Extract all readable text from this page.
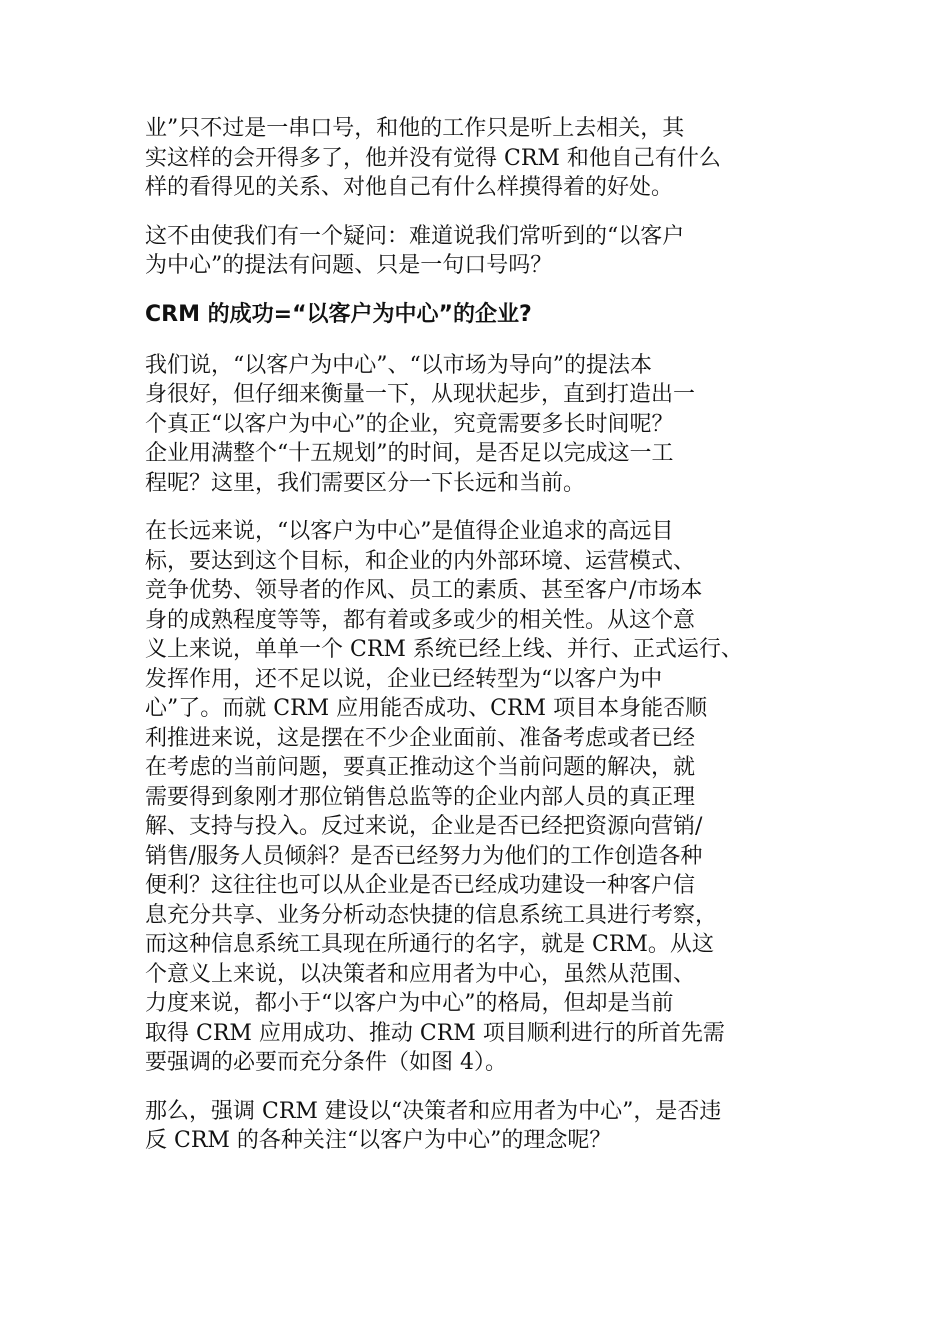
业”只不过是一串口号，和他的工作只是听上去相关，其
实这样的会开得多了，他并没有觉得 CRM 和他自己有什么
样的看得见的关系、对他自己有什么样摸得着的好处。

这不由使我们有一个疑问：难道说我们常听到的“以客户
为中心”的提法有问题、只是一句口号吗？

CRM 的成功=“以客户为中心”的企业?

我们说，“以客户为中心”、“以市场为导向”的提法本
身很好，但仔细来衡量一下，从现状起步，直到打造出一
个真正“以客户为中心”的企业，究竟需要多长时间呢？
企业用满整个“十五规划”的时间，是否足以完成这一工
程呢？这里，我们需要区分一下长远和当前。

在长远来说，“以客户为中心”是值得企业追求的高远目
标，要达到这个目标，和企业的内外部环境、运营模式、
竞争优势、领导者的作风、员工的素质、甚至客户/市场本
身的成熟程度等等，都有着或多或少的相关性。从这个意
义上来说，单单一个 CRM 系统已经上线、并行、正式运行、
发挥作用，还不足以说，企业已经转型为“以客户为中
心”了。而就 CRM 应用能否成功、CRM 项目本身能否顺
利推进来说，这是摆在不少企业面前、准备考虑或者已经
在考虑的当前问题，要真正推动这个当前问题的解决，就
需要得到象刚才那位销售总监等的企业内部人员的真正理
解、支持与投入。反过来说，企业是否已经把资源向营销/
销售/服务人员倾斜？是否已经努力为他们的工作创造各种
便利？这往往也可以从企业是否已经成功建设一种客户信
息充分共享、业务分析动态快捷的信息系统工具进行考察，
而这种信息系统工具现在所通行的名字，就是 CRM。从这
个意义上来说，以决策者和应用者为中心，虽然从范围、
力度来说，都小于“以客户为中心”的格局，但却是当前
取得 CRM 应用成功、推动 CRM 项目顺利进行的所首先需
要强调的必要而充分条件（如图 4）。

那么，强调 CRM 建设以“决策者和应用者为中心”，是否违
反 CRM 的各种关注“以客户为中心”的理念呢？
